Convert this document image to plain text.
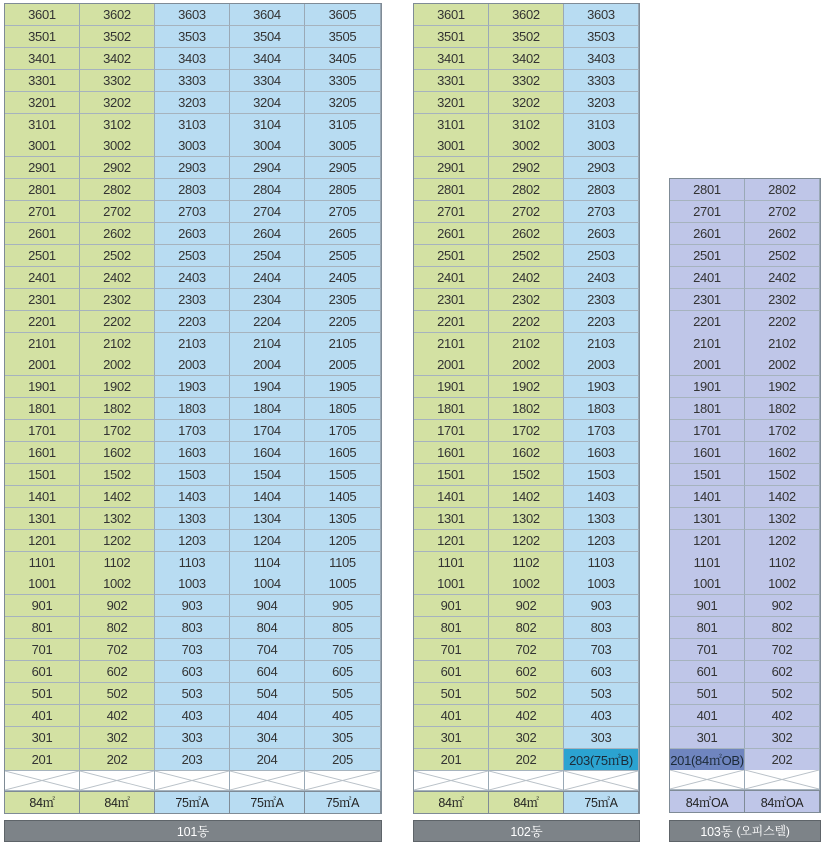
3601	3602	3603	3604	3605
3501	3502	3503	3504	3505
3401	3402	3403	3404	3405
3301	3302	3303	3304	3305
3201	3202	3203	3204	3205
3101	3102	3103	3104	3105
3001	3002	3003	3004	3005
2901	2902	2903	2904	2905
2801	2802	2803	2804	2805
2701	2702	2703	2704	2705
2601	2602	2603	2604	2605
2501	2502	2503	2504	2505
2401	2402	2403	2404	2405
2301	2302	2303	2304	2305
2201	2202	2203	2204	2205
2101	2102	2103	2104	2105
2001	2002	2003	2004	2005
1901	1902	1903	1904	1905
1801	1802	1803	1804	1805
1701	1702	1703	1704	1705
1601	1602	1603	1604	1605
1501	1502	1503	1504	1505
1401	1402	1403	1404	1405
1301	1302	1303	1304	1305
1201	1202	1203	1204	1205
1101	1102	1103	1104	1105
1001	1002	1003	1004	1005
901	902	903	904	905
801	802	803	804	805
701	702	703	704	705
601	602	603	604	605
501	502	503	504	505
401	402	403	404	405
301	302	303	304	305
201	202	203	204	205
84㎡	84㎡	75㎡A	75㎡A	75㎡A
101동
3601	3602	3603
3501	3502	3503
3401	3402	3403
3301	3302	3303
3201	3202	3203
3101	3102	3103
3001	3002	3003
2901	2902	2903
2801	2802	2803
2701	2702	2703
2601	2602	2603
2501	2502	2503
2401	2402	2403
2301	2302	2303
2201	2202	2203
2101	2102	2103
2001	2002	2003
1901	1902	1903
1801	1802	1803
1701	1702	1703
1601	1602	1603
1501	1502	1503
1401	1402	1403
1301	1302	1303
1201	1202	1203
1101	1102	1103
1001	1002	1003
901	902	903
801	802	803
701	702	703
601	602	603
501	502	503
401	402	403
301	302	303
201	202	203(75㎡B)
84㎡	84㎡	75㎡A
102동
2801	2802
2701	2702
2601	2602
2501	2502
2401	2402
2301	2302
2201	2202
2101	2102
2001	2002
1901	1902
1801	1802
1701	1702
1601	1602
1501	1502
1401	1402
1301	1302
1201	1202
1101	1102
1001	1002
901	902
801	802
701	702
601	602
501	502
401	402
301	302
201(84㎡OB)	202
84㎡OA	84㎡OA
103동 (오피스텔)
